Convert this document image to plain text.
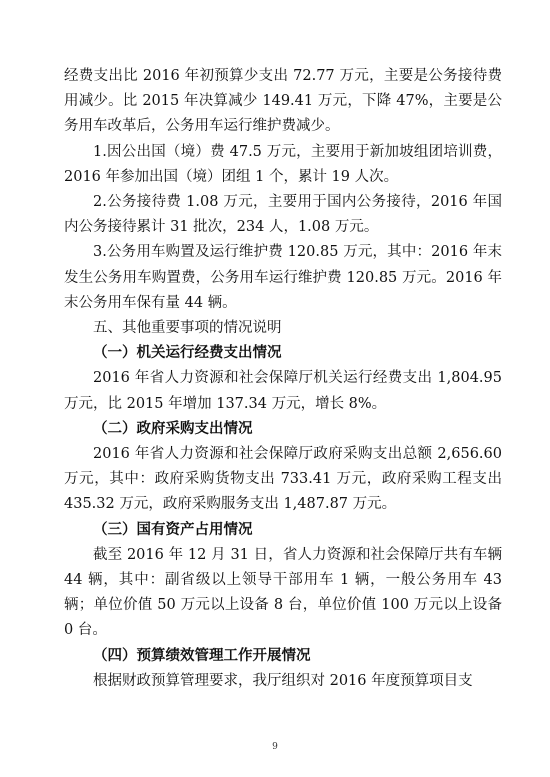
经费支出比 2016 年初预算少支出 72.77 万元，主要是公务接待费用减少。比 2015 年决算减少 149.41 万元，下降 47%，主要是公务用车改革后，公务用车运行维护费减少。

1.因公出国（境）费 47.5 万元，主要用于新加坡组团培训费，2016 年参加出国（境）团组 1 个，累计 19 人次。

2.公务接待费 1.08 万元，主要用于国内公务接待，2016 年国内公务接待累计 31 批次，234 人，1.08 万元。

3.公务用车购置及运行维护费 120.85 万元，其中：2016 年末发生公务用车购置费，公务用车运行维护费 120.85 万元。2016 年末公务用车保有量 44 辆。

五、其他重要事项的情况说明

（一）机关运行经费支出情况

2016 年省人力资源和社会保障厅机关运行经费支出 1,804.95 万元，比 2015 年增加 137.34 万元，增长 8%。

（二）政府采购支出情况

2016 年省人力资源和社会保障厅政府采购支出总额 2,656.60 万元，其中：政府采购货物支出 733.41 万元，政府采购工程支出 435.32 万元，政府采购服务支出 1,487.87 万元。

（三）国有资产占用情况

截至 2016 年 12 月 31 日，省人力资源和社会保障厅共有车辆 44 辆，其中：副省级以上领导干部用车 1 辆，一般公务用车 43 辆；单位价值 50 万元以上设备 8 台，单位价值 100 万元以上设备 0 台。

（四）预算绩效管理工作开展情况

根据财政预算管理要求，我厅组织对 2016 年度预算项目支

9
